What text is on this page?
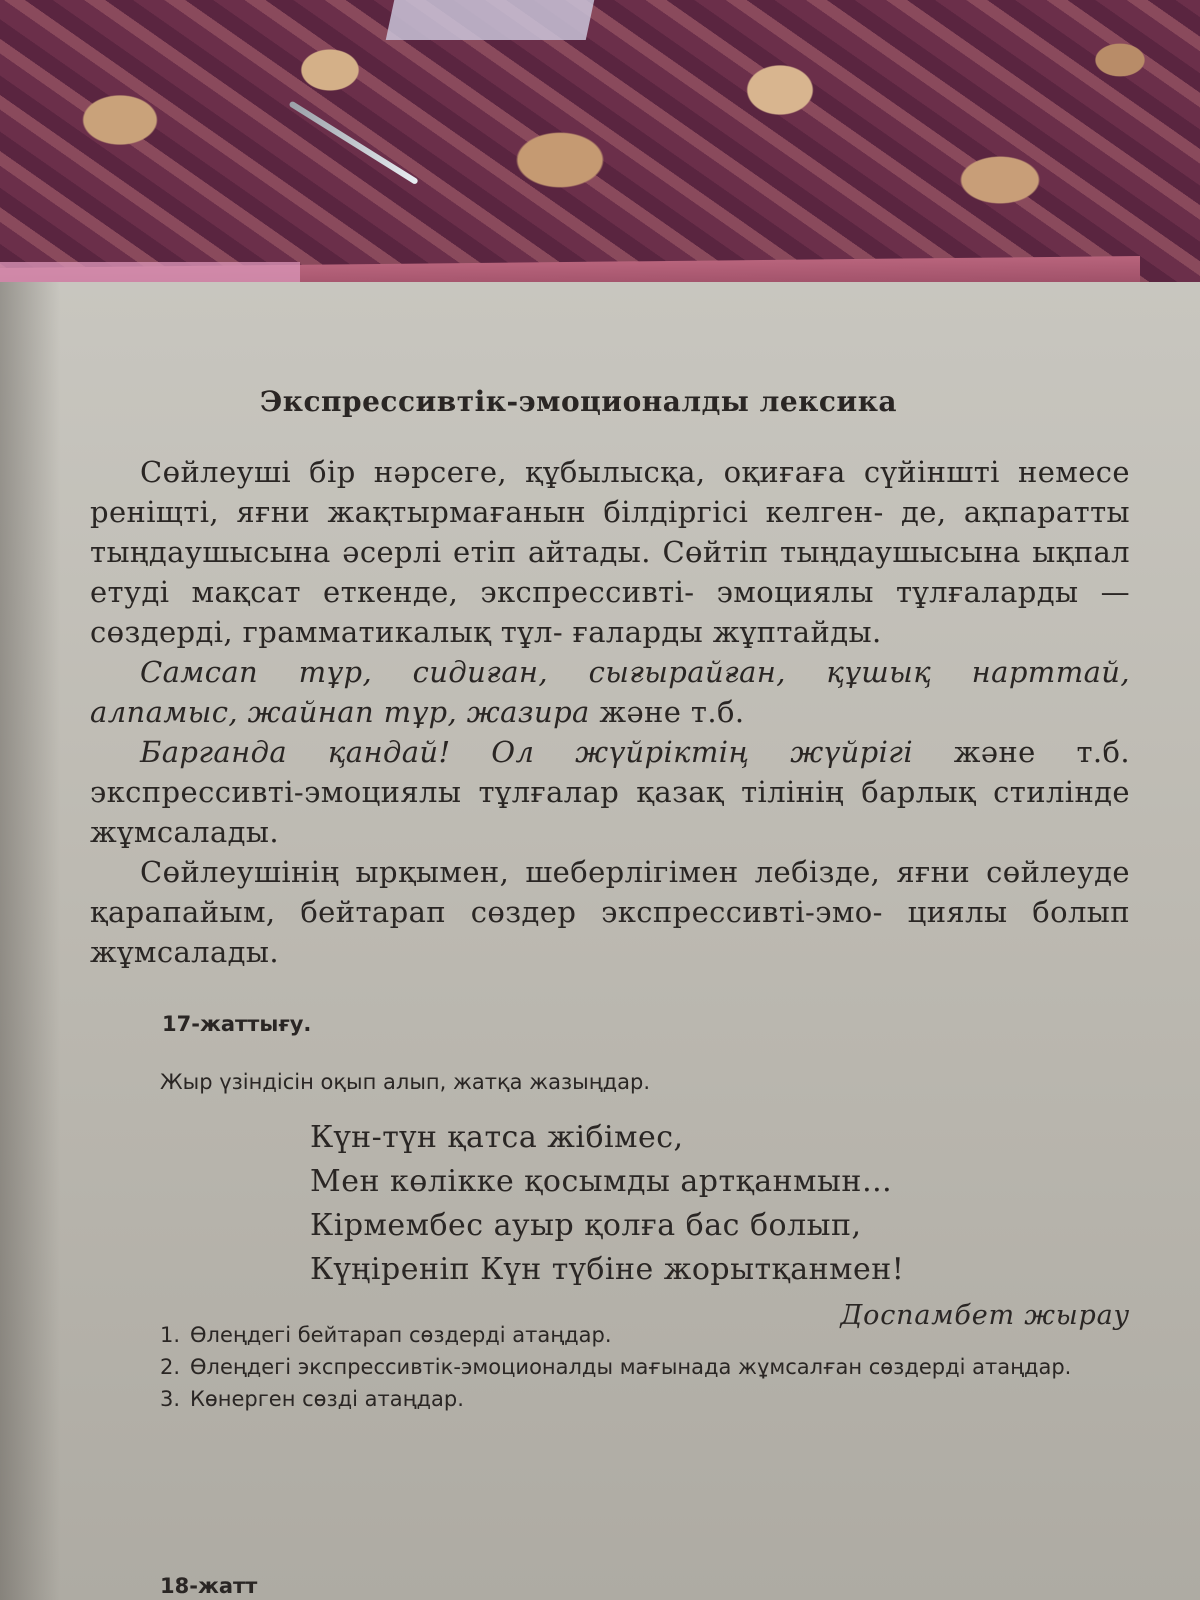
Экспрессивтік-эмоционалды лексика

Сөйлеуші бір нәрсеге, құбылысқа, оқиғаға сүйіншті немесе реніщті, яғни жақтырмағанын білдіргісі келген- де, ақпаратты тыңдаушысына әсерлі етіп айтады. Сөйтіп тыңдаушысына ықпал етуді мақсат еткенде, экспрессивті- эмоциялы тұлғаларды — сөздерді, грамматикалық тұл- ғаларды жұптайды.

Самсап тұр, сидиған, сығырайған, құшық нарттай, алпамыс, жайнап тұр, жазира және т.б.

Барганда қандай! Ол жүйріктің жүйрігі және т.б. экспрессивті-эмоциялы тұлғалар қазақ тілінің барлық стилінде жұмсалады.

Сөйлеушінің ырқымен, шеберлігімен лебізде, яғни сөйлеуде қарапайым, бейтарап сөздер экспрессивті-эмо- циялы болып жұмсалады.

17-жаттығу.
Жыр үзіндісін оқып алып, жатқа жазыңдар.
Күн-түн қатса жібімес,
Мен көлікке қосымды артқанмын…
Кірмембес ауыр қолға бас болып,
Күңіреніп Күн түбіне жорытқанмен!
Доспамбет жырау
1. Өлеңдегі бейтарап сөздерді атаңдар.
2. Өлеңдегі экспрессивтік-эмоционалды мағынада жұмсалған сөздерді атаңдар.
3. Көнерген сөзді атаңдар.
18-жатт
